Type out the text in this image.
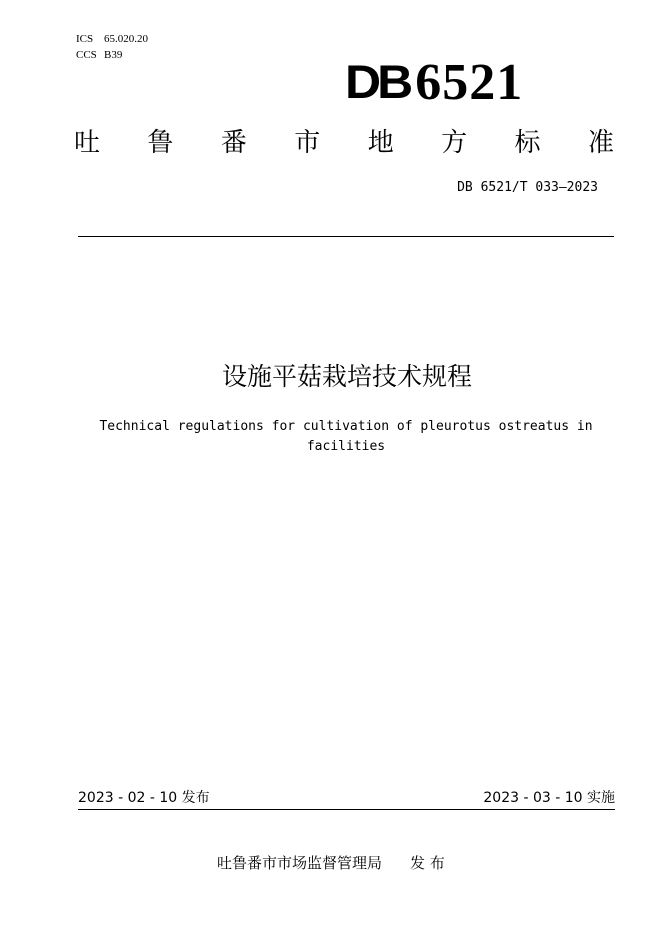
ICS 65.020.20
CCS B39
DB 6521
吐 鲁 番 市 地 方 标 准
DB 6521/T 033—2023
设施平菇栽培技术规程
Technical regulations for cultivation of pleurotus ostreatus in
facilities
2023 - 02 - 10 发布	2023 - 03 - 10 实施
吐鲁番市市场监督管理局 发 布
